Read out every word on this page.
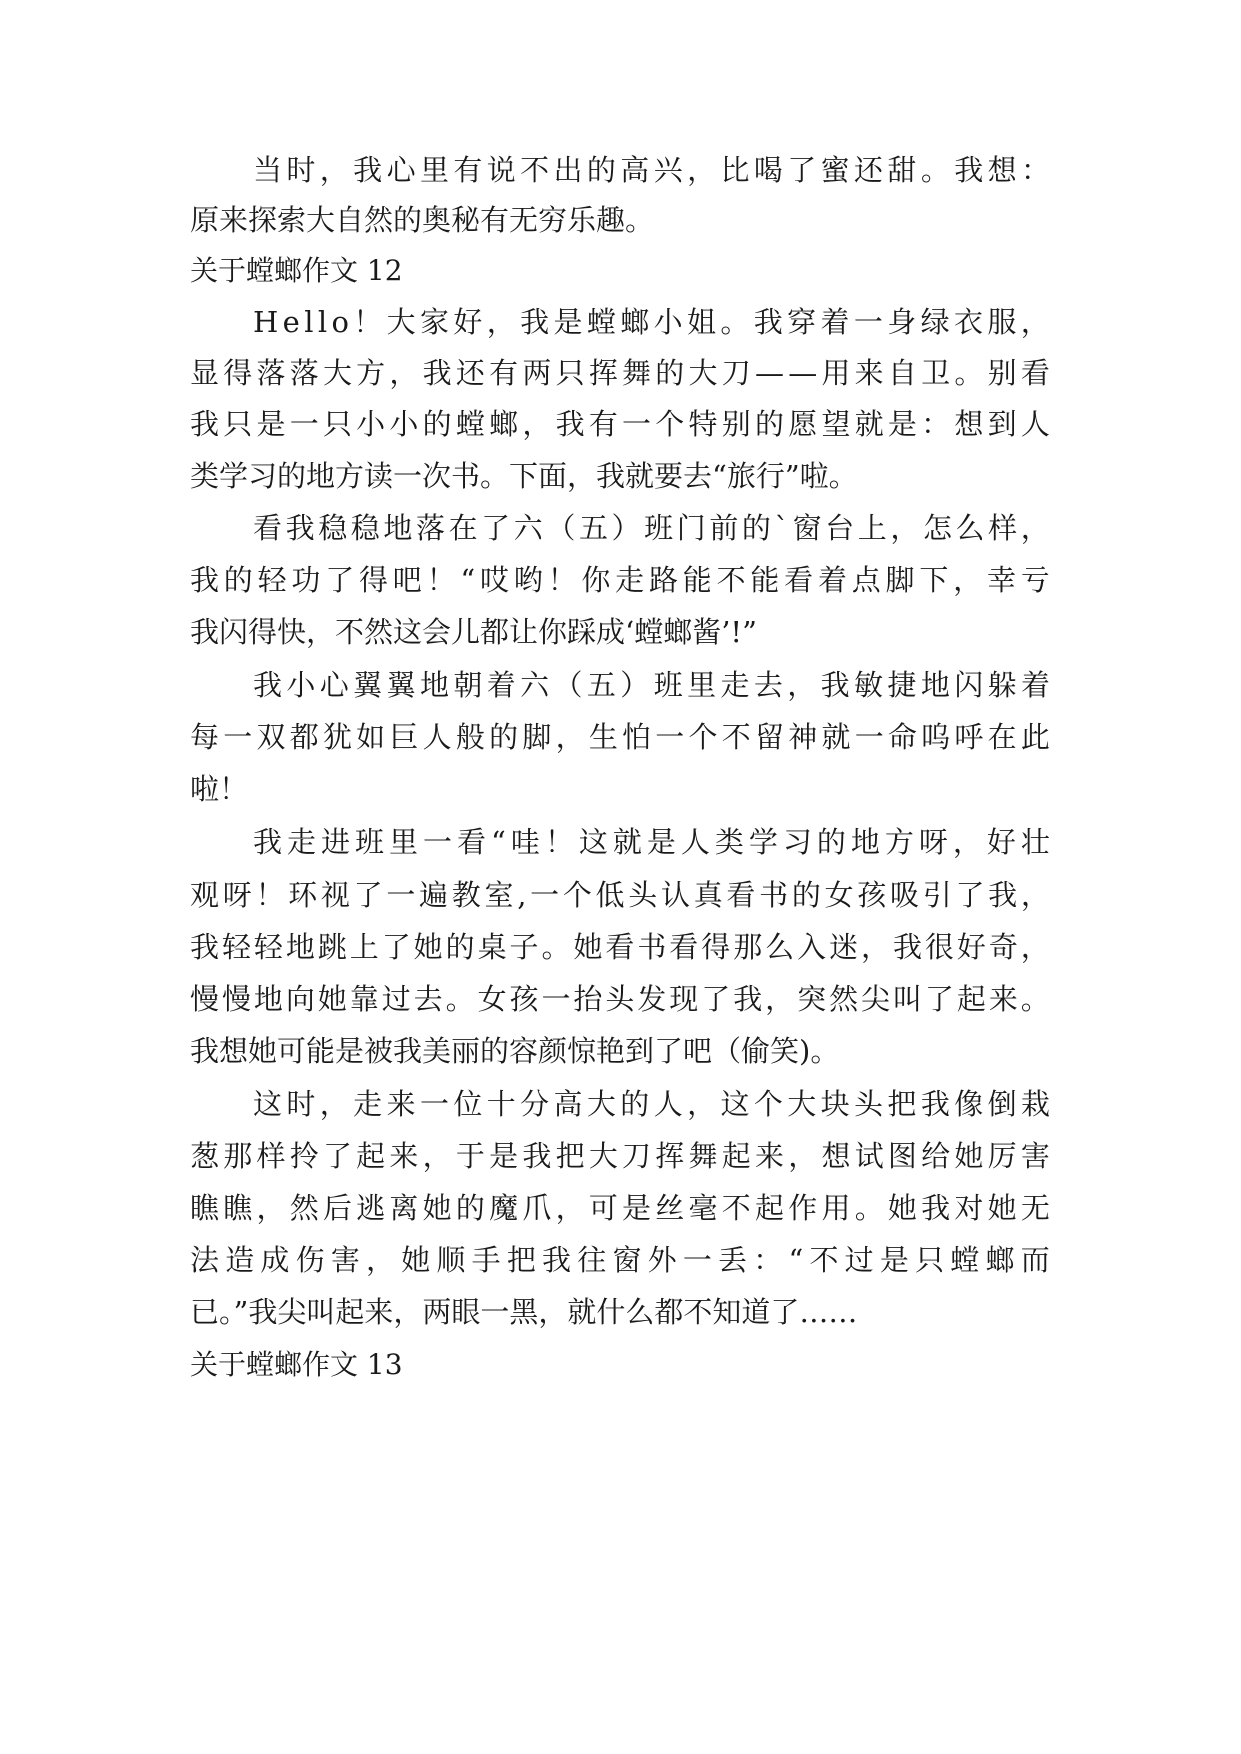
当 时 ， 我 心 里 有 说 不 出 的 高 兴 ， 比 喝 了 蜜 还 甜 。 我 想 ：
原来探索大自然的奥秘有无穷乐趣。
关于螳螂作文 12
H e l l o ！ 大 家 好 ， 我 是 螳 螂 小 姐 。 我 穿 着 一 身 绿 衣 服 ，
显 得 落 落 大 方 ， 我 还 有 两 只 挥 舞 的 大 刀 — — 用 来 自 卫 。 别 看
我 只 是 一 只 小 小 的 螳 螂 ， 我 有 一 个 特 别 的 愿 望 就 是 ： 想 到 人
类学习的地方读一次书。下面，我就要去“旅行”啦。
看 我 稳 稳 地 落 在 了 六 （ 五 ） 班 门 前 的 ` 窗 台 上 ， 怎 么 样 ，
我 的 轻 功 了 得 吧 ！ “ 哎 哟 ！ 你 走 路 能 不 能 看 着 点 脚 下 ， 幸 亏
我闪得快，不然这会儿都让你踩成‘螳螂酱’!”
我 小 心 翼 翼 地 朝 着 六 （ 五 ） 班 里 走 去 ， 我 敏 捷 地 闪 躲 着
每 一 双 都 犹 如 巨 人 般 的 脚 ， 生 怕 一 个 不 留 神 就 一 命 呜 呼 在 此
啦！
我 走 进 班 里 一 看 “ 哇 ！ 这 就 是 人 类 学 习 的 地 方 呀 ， 好 壮
观 呀 ！ 环 视 了 一 遍 教 室 , 一 个 低 头 认 真 看 书 的 女 孩 吸 引 了 我 ，
我 轻 轻 地 跳 上 了 她 的 桌 子 。 她 看 书 看 得 那 么 入 迷 ， 我 很 好 奇 ，
慢 慢 地 向 她 靠 过 去 。 女 孩 一 抬 头 发 现 了 我 ， 突 然 尖 叫 了 起 来 。
我想她可能是被我美丽的容颜惊艳到了吧（偷笑)。
这 时 ， 走 来 一 位 十 分 高 大 的 人 ， 这 个 大 块 头 把 我 像 倒 栽
葱 那 样 拎 了 起 来 ， 于 是 我 把 大 刀 挥 舞 起 来 ， 想 试 图 给 她 厉 害
瞧 瞧 ， 然 后 逃 离 她 的 魔 爪 ， 可 是 丝 毫 不 起 作 用 。 她 我 对 她 无
法 造 成 伤 害 ， 她 顺 手 把 我 往 窗 外 一 丢 ： “ 不 过 是 只 螳 螂 而
已。”我尖叫起来，两眼一黑，就什么都不知道了……
关于螳螂作文 13
